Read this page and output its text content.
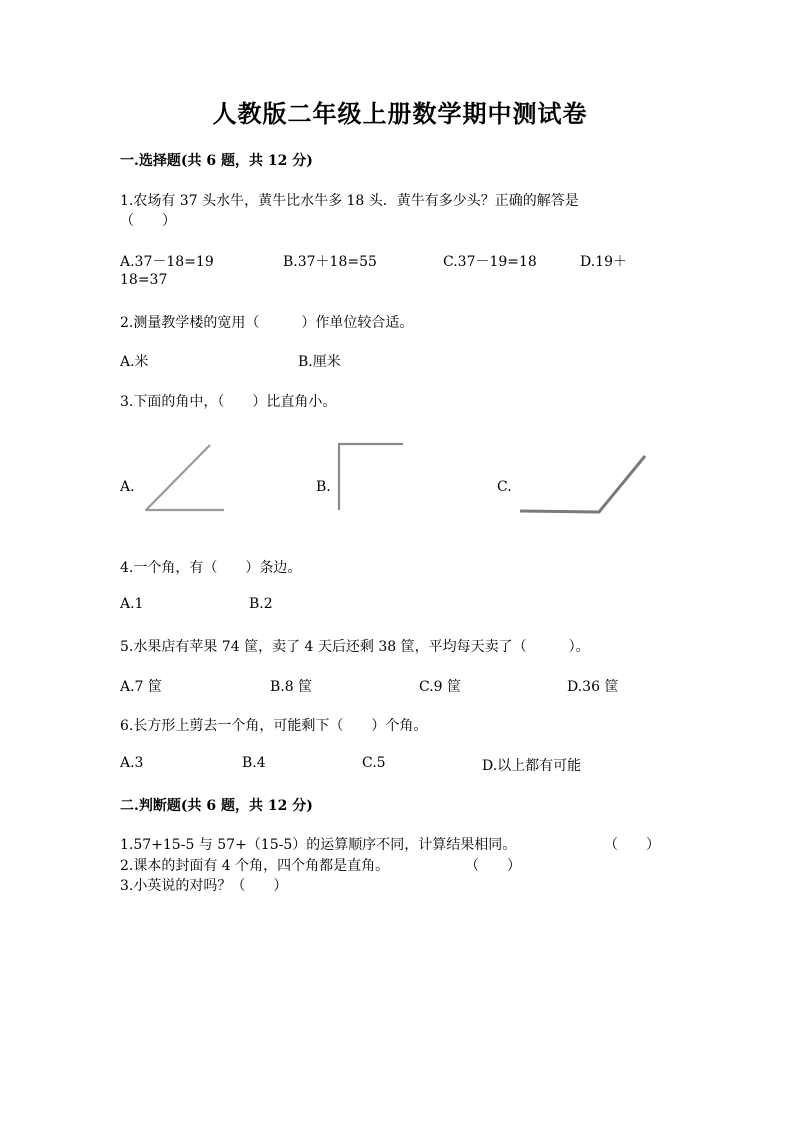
人教版二年级上册数学期中测试卷
一.选择题(共 6 题，共 12 分)
1.农场有 37 头水牛，黄牛比水牛多 18 头．黄牛有多少头？正确的解答是
（　　）
A.37－18=19	B.37＋18=55	C.37－19=18	D.19＋
18=37
2.测量教学楼的宽用（　　　）作单位较合适。
A.米	B.厘米
3.下面的角中，（　　）比直角小。
A.	B.	C.
4.一个角，有（　　）条边。
A.1	B.2
5.水果店有苹果 74 筐，卖了 4 天后还剩 38 筐，平均每天卖了（　　　）。
A.7 筐	B.8 筐	C.9 筐	D.36 筐
6.长方形上剪去一个角，可能剩下（　　）个角。
A.3	B.4	C.5	D.以上都有可能
二.判断题(共 6 题，共 12 分)
1.57+15-5 与 57+（15-5）的运算顺序不同，计算结果相同。	（　　）
2.课本的封面有 4 个角，四个角都是直角。	（　　）
3.小英说的对吗？（　　）
